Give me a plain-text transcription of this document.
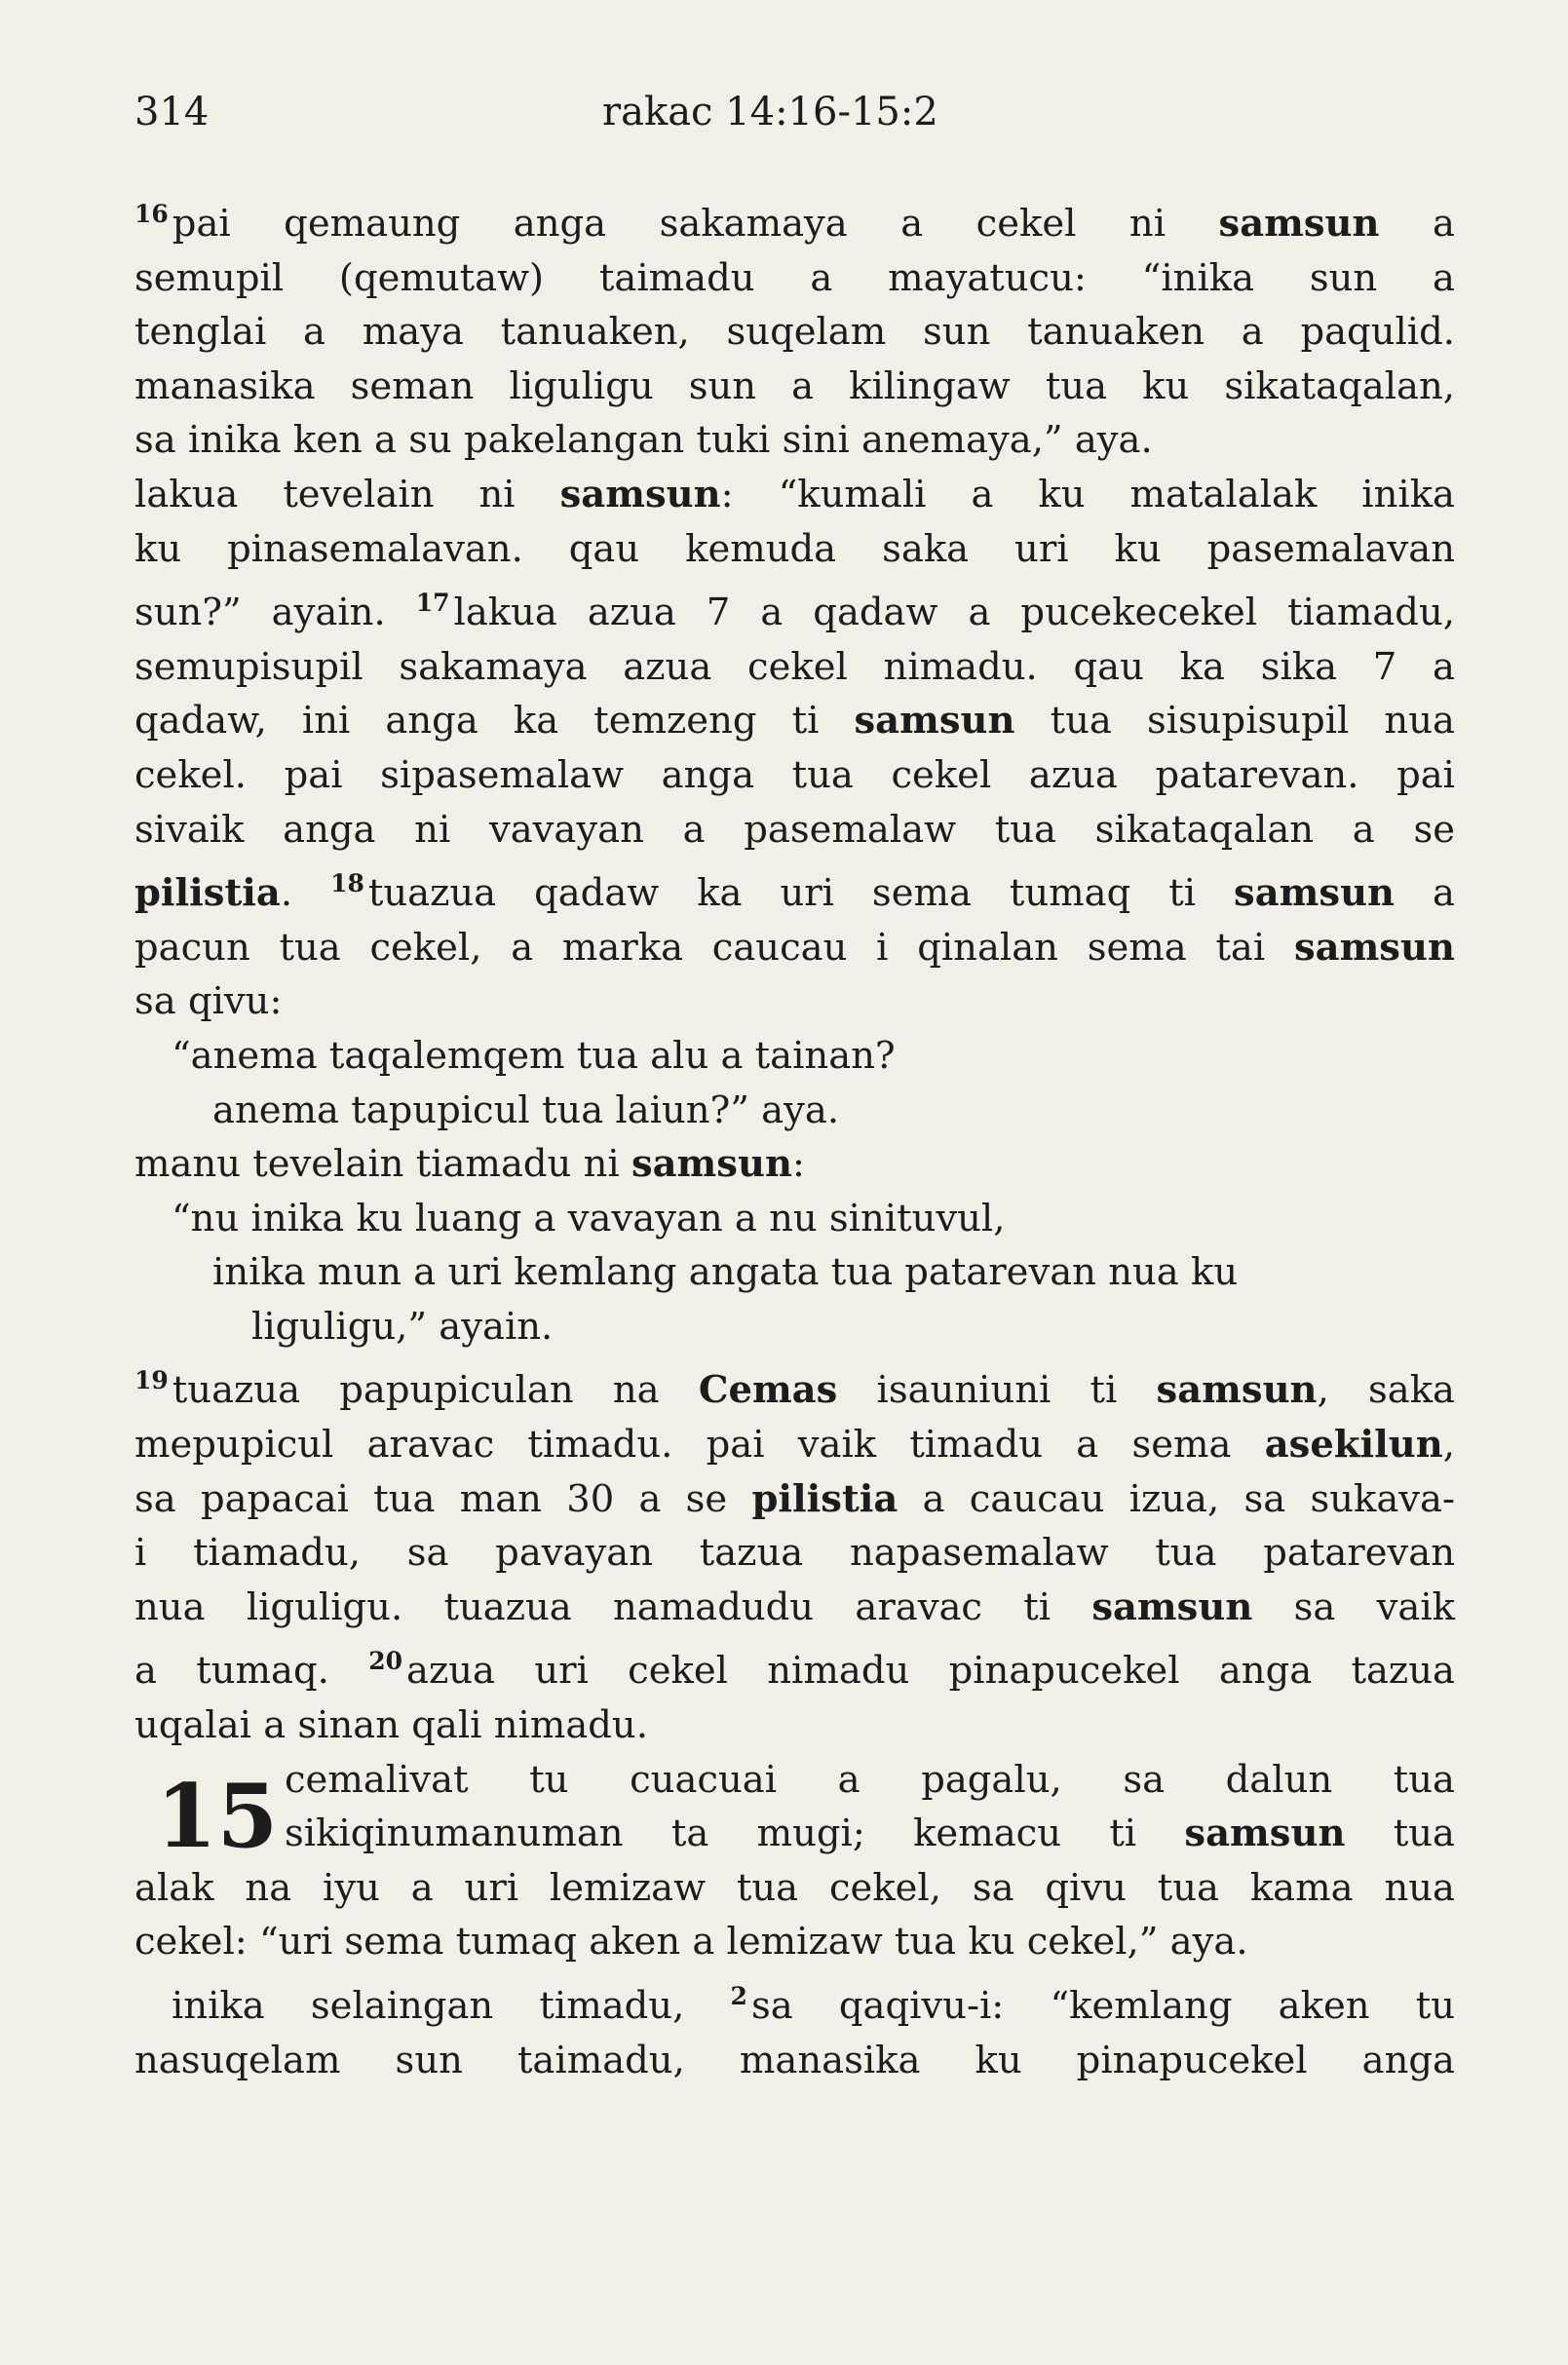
314	rakac 14:16-15:2
$^{16}$ pai qemaung anga sakamaya a cekel ni samsun a
semupil (qemutaw) taimadu a mayatucu: “inika sun a
tenglai a maya tanuaken, suqelam sun tanuaken a paqulid.
manasika seman liguligu sun a kilingaw tua ku sikataqalan,
sa inika ken a su pakelangan tuki sini anemaya,” aya.
lakua tevelain ni samsun: “kumali a ku matalalak inika
ku pinasemalavan. qau kemuda saka uri ku pasemalavan
sun?” ayain. $^{17}$ lakua azua 7 a qadaw a pucekecekel tiamadu,
semupisupil sakamaya azua cekel nimadu. qau ka sika 7 a
qadaw, ini anga ka temzeng ti samsun tua sisupisupil nua
cekel. pai sipasemalaw anga tua cekel azua patarevan. pai
sivaik anga ni vavayan a pasemalaw tua sikataqalan a se
pilistia. $^{18}$ tuazua qadaw ka uri sema tumaq ti samsun a
pacun tua cekel, a marka caucau i qinalan sema tai samsun
sa qivu:
“anema taqalemqem tua alu a tainan?
anema tapupicul tua laiun?” aya.
manu tevelain tiamadu ni samsun:
“nu inika ku luang a vavayan a nu sinituvul,
inika mun a uri kemlang angata tua patarevan nua ku
liguligu,” ayain.
$^{19}$ tuazua papupiculan na Cemas isauniuni ti samsun, saka
mepupicul aravac timadu. pai vaik timadu a sema asekilun,
sa papacai tua man 30 a se pilistia a caucau izua, sa sukava-
i tiamadu, sa pavayan tazua napasemalaw tua patarevan
nua liguligu. tuazua namadudu aravac ti samsun sa vaik
a tumaq. $^{20}$ azua uri cekel nimadu pinapucekel anga tazua
uqalai a sinan qali nimadu.
15 cemalivat tu cuacuai a pagalu, sa dalun tua
sikiqinumanuman ta mugi; kemacu ti samsun tua
alak na iyu a uri lemizaw tua cekel, sa qivu tua kama nua
cekel: “uri sema tumaq aken a lemizaw tua ku cekel,” aya.
inika selaingan timadu, $^2$ sa qaqivu-i: “kemlang aken tu
nasuqelam sun taimadu, manasika ku pinapucekel anga
